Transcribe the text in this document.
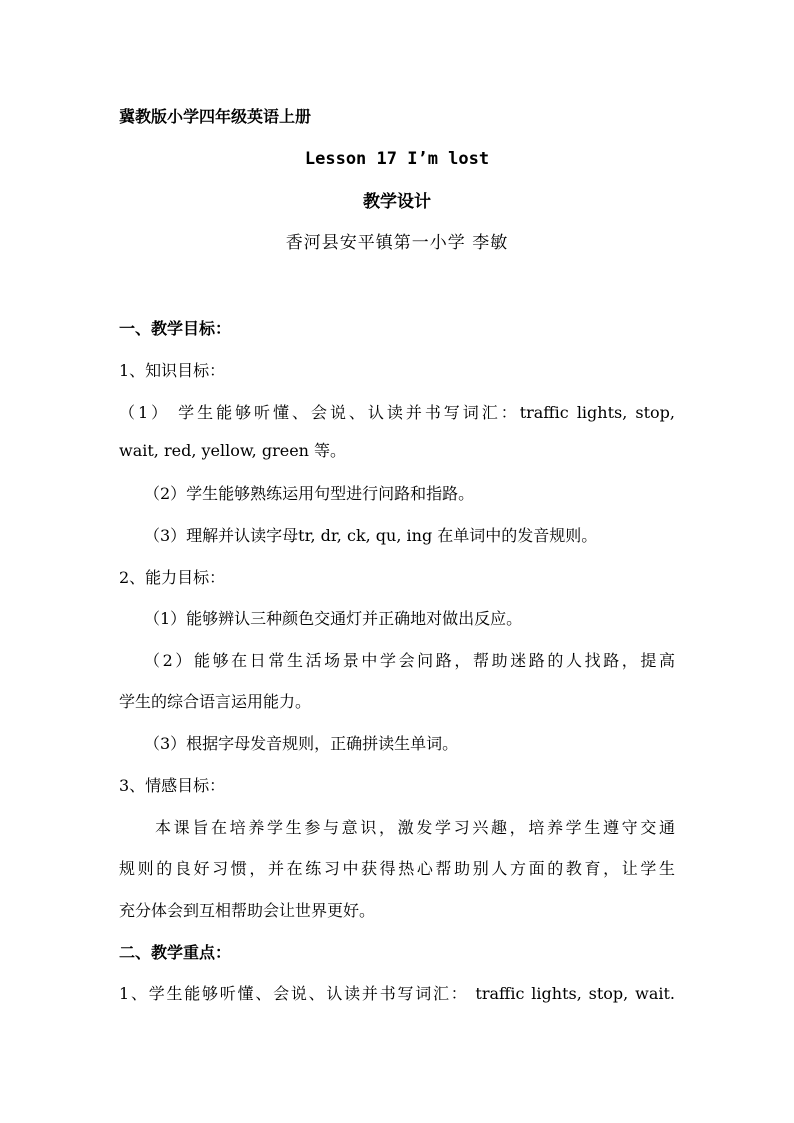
冀教版小学四年级英语上册
Lesson 17 I’m lost
教学设计
香河县安平镇第一小学 李敏
一、教学目标：
1、知识目标：
（1） 学生能够听懂、会说、认读并书写词汇：traffic lights, stop,
wait, red, yellow, green 等。
（2）学生能够熟练运用句型进行问路和指路。
（3）理解并认读字母tr, dr, ck, qu, ing 在单词中的发音规则。
2、能力目标：
（1）能够辨认三种颜色交通灯并正确地对做出反应。
（2）能够在日常生活场景中学会问路，帮助迷路的人找路，提高
学生的综合语言运用能力。
（3）根据字母发音规则，正确拼读生单词。
3、情感目标：
本课旨在培养学生参与意识，激发学习兴趣，培养学生遵守交通
规则的良好习惯，并在练习中获得热心帮助别人方面的教育，让学生
充分体会到互相帮助会让世界更好。
二、教学重点：
1、学生能够听懂、会说、认读并书写词汇： traffic lights, stop, wait.
